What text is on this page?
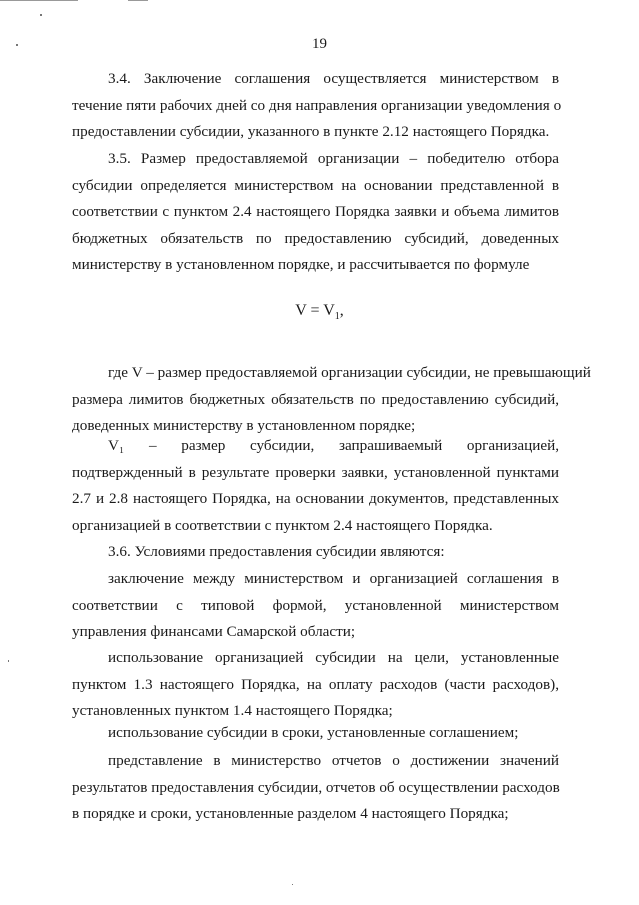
19

3.4. Заключение соглашения осуществляется министерством в
течение пяти рабочих дней со дня направления организации уведомления о
предоставлении субсидии, указанного в пункте 2.12 настоящего Порядка.

3.5. Размер предоставляемой организации – победителю отбора
субсидии определяется министерством на основании представленной в
соответствии с пунктом 2.4 настоящего Порядка заявки и объема лимитов
бюджетных обязательств по предоставлению субсидий, доведенных
министерству в установленном порядке, и рассчитывается по формуле

$V = V_1$,

где V – размер предоставляемой организации субсидии, не превышающий
размера лимитов бюджетных обязательств по предоставлению субсидий,
доведенных министерству в установленном порядке;

V₁ – размер субсидии, запрашиваемый организацией,
подтвержденный в результате проверки заявки, установленной пунктами
2.7 и 2.8 настоящего Порядка, на основании документов, представленных
организацией в соответствии с пунктом 2.4 настоящего Порядка.

3.6. Условиями предоставления субсидии являются:

заключение между министерством и организацией соглашения в
соответствии с типовой формой, установленной министерством
управления финансами Самарской области;

использование организацией субсидии на цели, установленные
пунктом 1.3 настоящего Порядка, на оплату расходов (части расходов),
установленных пунктом 1.4 настоящего Порядка;

использование субсидии в сроки, установленные соглашением;

представление в министерство отчетов о достижении значений
результатов предоставления субсидии, отчетов об осуществлении расходов
в порядке и сроки, установленные разделом 4 настоящего Порядка;
